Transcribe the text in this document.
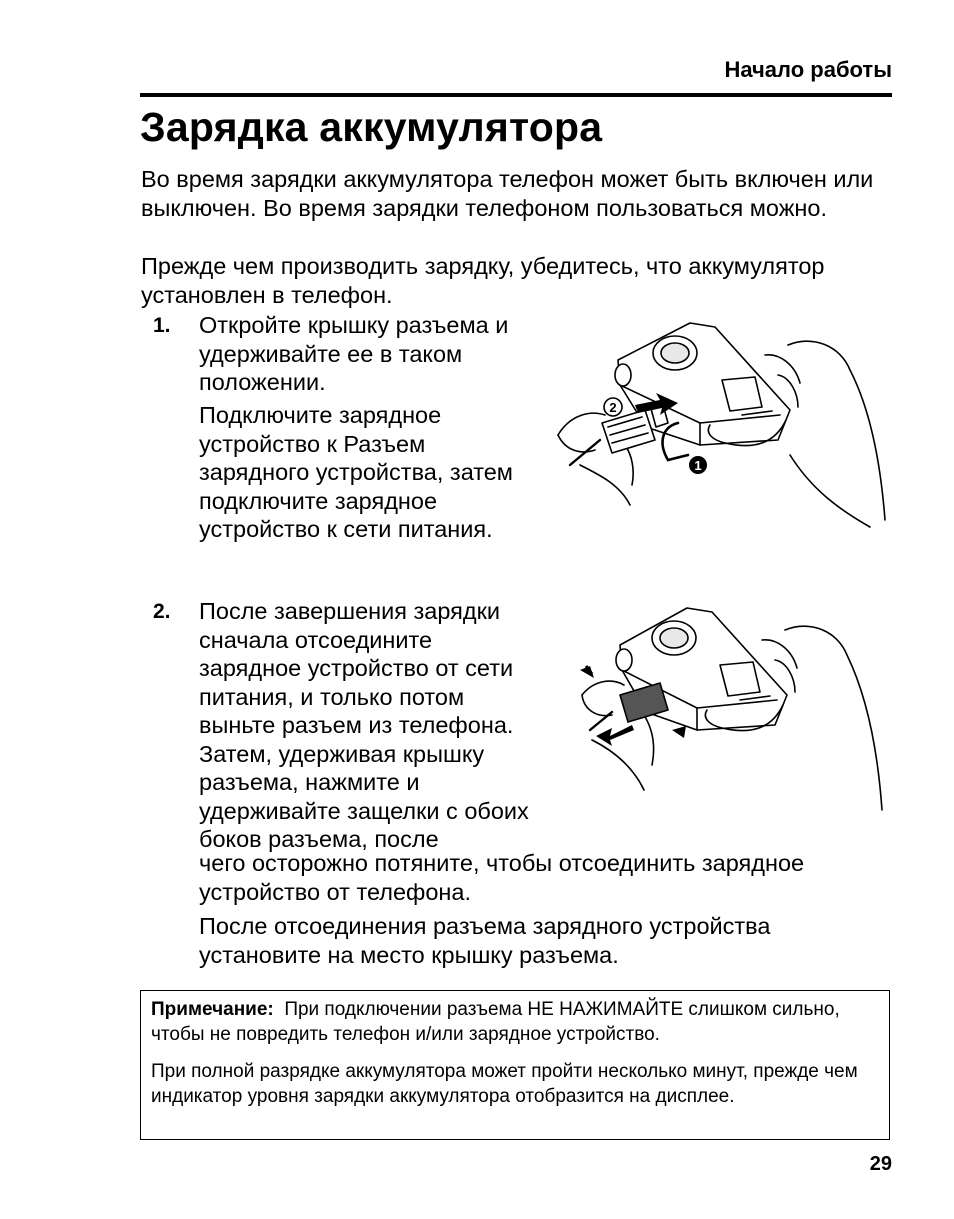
Начало работы
Зарядка аккумулятора
Во время зарядки аккумулятора телефон может быть включен или выключен. Во время зарядки телефоном пользоваться можно.
Прежде чем производить зарядку, убедитесь, что аккумулятор установлен в телефон.
1. Откройте крышку разъема и удерживайте ее в таком положении.
Подключите зарядное устройство к Разъем зарядного устройства, затем подключите зарядное устройство к сети питания.
2
1
2. После завершения зарядки сначала отсоедините зарядное устройство от сети питания, и только потом выньте разъем из телефона. Затем, удерживая крышку разъема, нажмите и удерживайте защелки с обоих боков разъема, после
чего осторожно потяните, чтобы отсоединить зарядное устройство от телефона.
После отсоединения разъема зарядного устройства установите на место крышку разъема.
Примечание: При подключении разъема НЕ НАЖИМАЙТЕ слишком сильно, чтобы не повредить телефон и/или зарядное устройство.
При полной разрядке аккумулятора может пройти несколько минут, прежде чем индикатор уровня зарядки аккумулятора отобразится на дисплее.
29
